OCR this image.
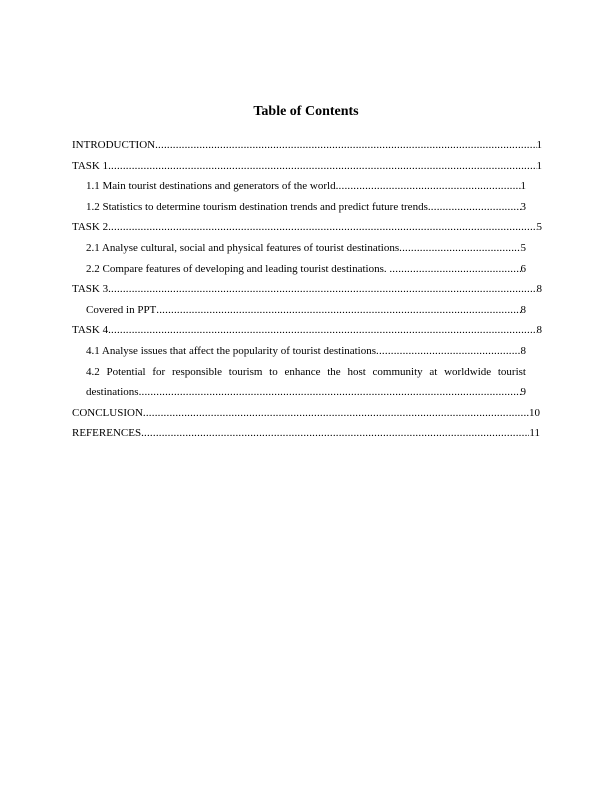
Table of Contents
INTRODUCTION .....	1
TASK 1 .....	1
1.1 Main tourist destinations and generators of the world .....	1
1.2 Statistics to determine tourism destination trends and predict future trends .....	3
TASK 2 .....	5
2.1 Analyse cultural, social and physical features of tourist destinations .....	5
2.2 Compare features of developing and leading tourist destinations. .....	6
TASK 3 .....	8
Covered in PPT .....	8
TASK 4 .....	8
4.1 Analyse issues that affect the popularity of tourist destinations .....	8
4.2 Potential for responsible tourism to enhance the host community at worldwide tourist
destinations .....	9
CONCLUSION .....	10
REFERENCES .....	11
